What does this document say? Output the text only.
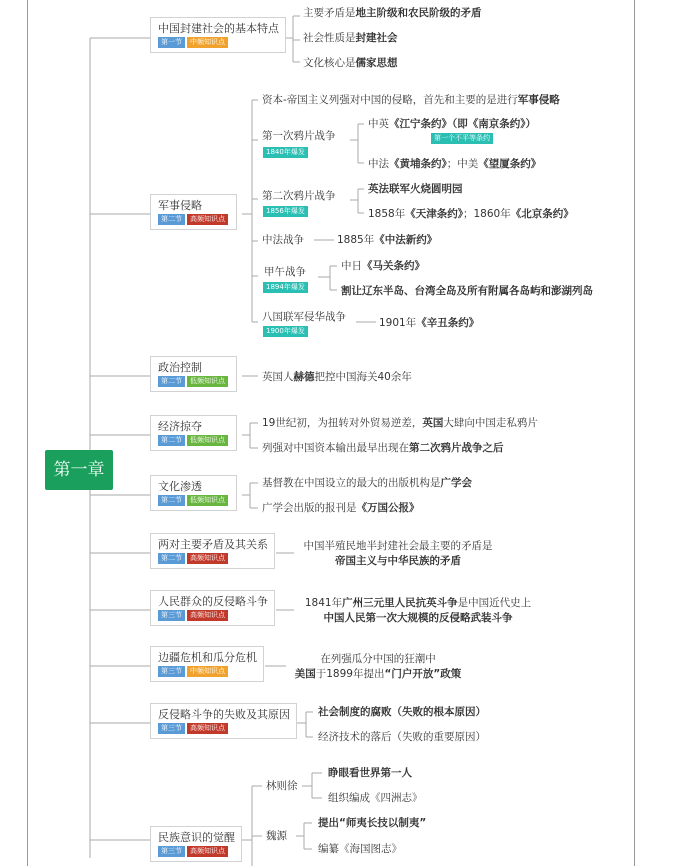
第一章
中国封建社会的基本特点
第一节 中频知识点
军事侵略
第二节 高频知识点
政治控制
第二节 低频知识点
经济掠夺
第二节 低频知识点
文化渗透
第二节 低频知识点
两对主要矛盾及其关系
第二节 高频知识点
人民群众的反侵略斗争
第三节 高频知识点
边疆危机和瓜分危机
第三节 中频知识点
反侵略斗争的失败及其原因
第三节 高频知识点
民族意识的觉醒
第三节 高频知识点
主要矛盾是地主阶级和农民阶级的矛盾
社会性质是封建社会
文化核心是儒家思想
资本-帝国主义列强对中国的侵略，首先和主要的是进行军事侵略
第一次鸦片战争
1840年爆发
中英《江宁条约》（即《南京条约》）
第一个不平等条约
中法《黄埔条约》；中美《望厦条约》
第二次鸦片战争
1856年爆发
英法联军火烧圆明园
1858年《天津条约》；1860年《北京条约》
中法战争	1885年《中法新约》
甲午战争
1894年爆发
中日《马关条约》
割让辽东半岛、台湾全岛及所有附属各岛屿和澎湖列岛
八国联军侵华战争
1900年爆发
1901年《辛丑条约》
英国人赫德把控中国海关40余年
19世纪初，为扭转对外贸易逆差，英国大肆向中国走私鸦片
列强对中国资本输出最早出现在第二次鸦片战争之后
基督教在中国设立的最大的出版机构是广学会
广学会出版的报刊是《万国公报》
中国半殖民地半封建社会最主要的矛盾是
帝国主义与中华民族的矛盾
1841年广州三元里人民抗英斗争是中国近代史上
中国人民第一次大规模的反侵略武装斗争
在列强瓜分中国的狂潮中
美国于1899年提出“门户开放”政策
社会制度的腐败（失败的根本原因）
经济技术的落后（失败的重要原因）
林则徐
睁眼看世界第一人
组织编成《四洲志》
魏源
提出“师夷长技以制夷”
编纂《海国图志》
